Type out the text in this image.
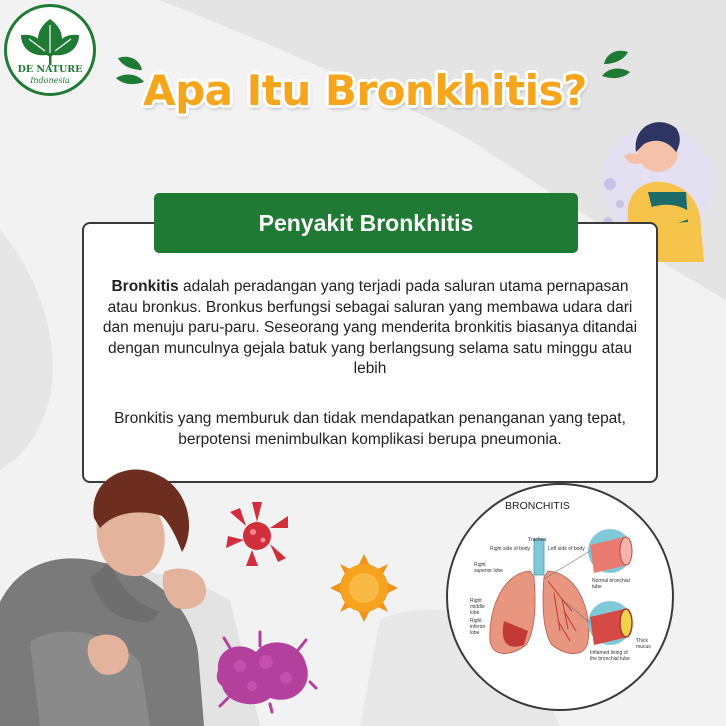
DE NATURE
Indonesia	Apa Itu Bronkhitis?
Penyakit Bronkhitis
Bronkitis adalah peradangan yang terjadi pada saluran utama pernapasan atau bronkus. Bronkus berfungsi sebagai saluran yang membawa udara dari dan menuju paru-paru. Seseorang yang menderita bronkitis biasanya ditandai dengan munculnya gejala batuk yang berlangsung selama satu minggu atau lebih
Bronkitis yang memburuk dan tidak mendapatkan penanganan yang tepat, berpotensi menimbulkan komplikasi berupa pneumonia.
BRONCHITIS
Trachea
Right side of body	Left side of body
Right superior lobe
Right middle lobe
Right inferior lobe
Normal bronchial tube
Thick mucus
Inflamed lining of the bronchial tube
